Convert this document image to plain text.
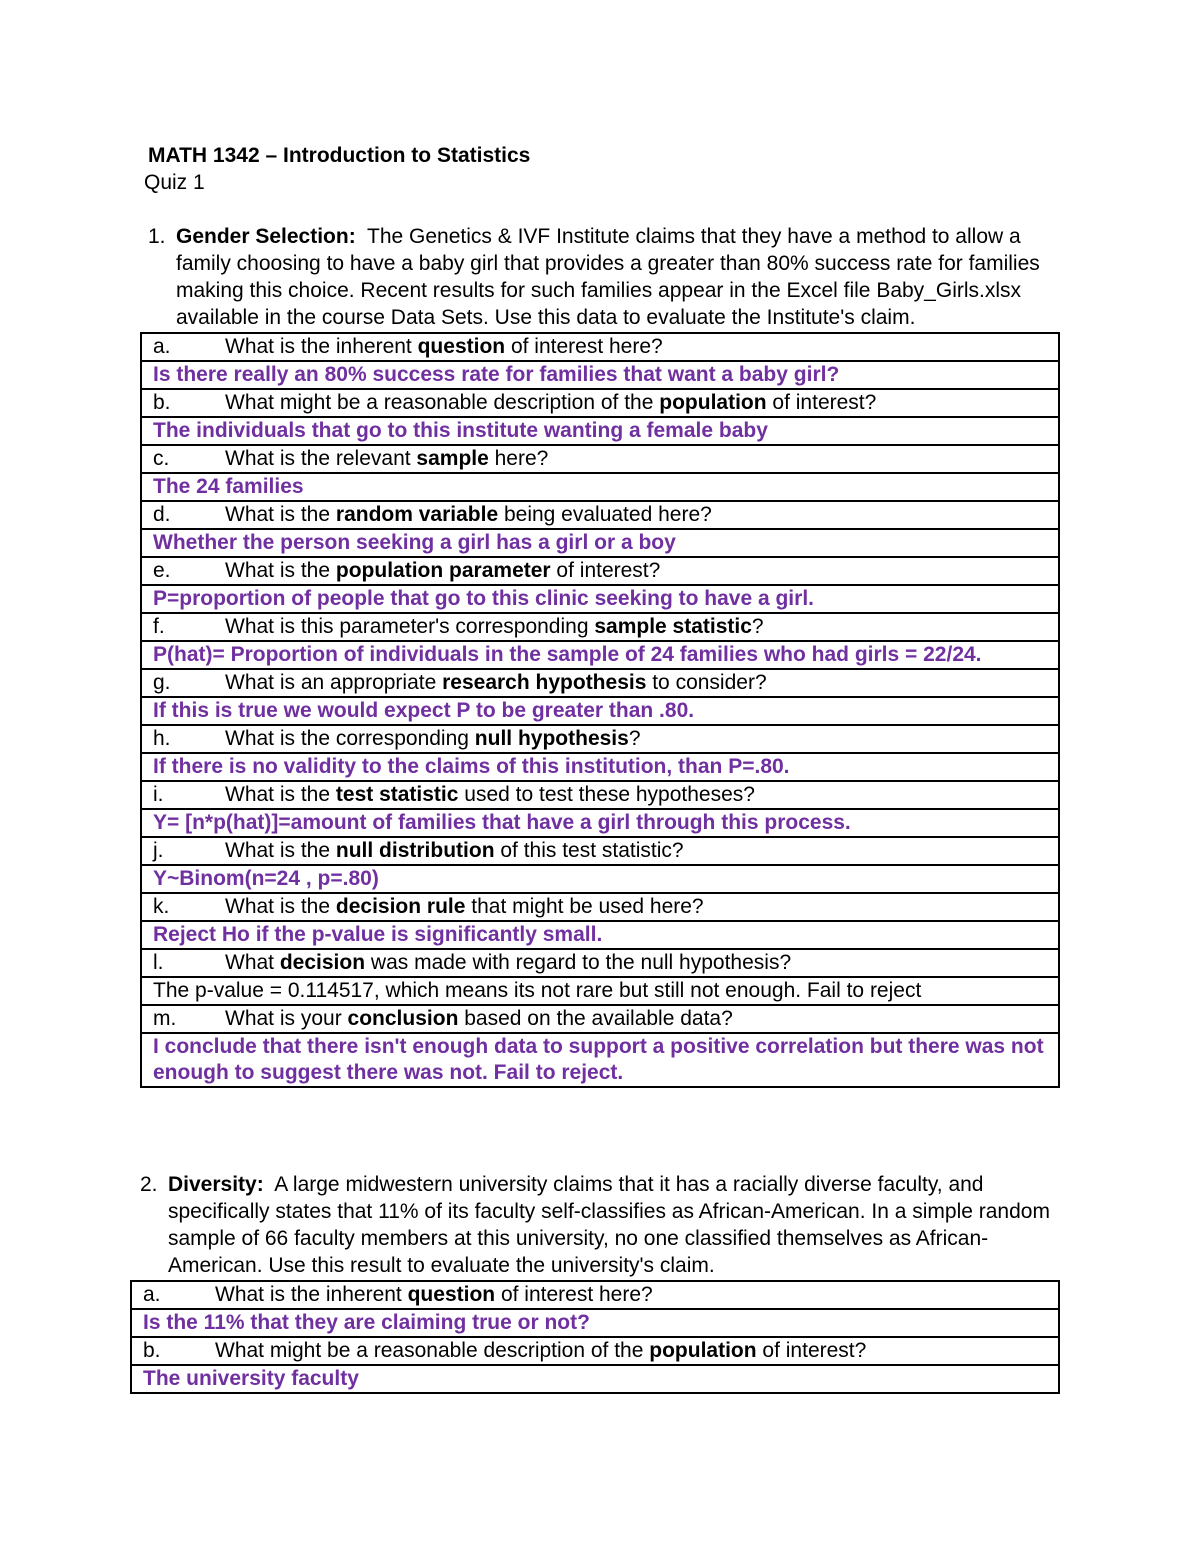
MATH 1342 – Introduction to Statistics
Quiz 1
1. Gender Selection: The Genetics & IVF Institute claims that they have a method to allow a family choosing to have a baby girl that provides a greater than 80% success rate for families making this choice. Recent results for such families appear in the Excel file Baby_Girls.xlsx available in the course Data Sets. Use this data to evaluate the Institute's claim.
a.	What is the inherent question of interest here?
Is there really an 80% success rate for families that want a baby girl?
b.	What might be a reasonable description of the population of interest?
The individuals that go to this institute wanting a female baby
c.	What is the relevant sample here?
The 24 families
d.	What is the random variable being evaluated here?
Whether the person seeking a girl has a girl or a boy
e.	What is the population parameter of interest?
P=proportion of people that go to this clinic seeking to have a girl.
f.	What is this parameter's corresponding sample statistic?
P(hat)= Proportion of individuals in the sample of 24 families who had girls = 22/24.
g.	What is an appropriate research hypothesis to consider?
If this is true we would expect P to be greater than .80.
h.	What is the corresponding null hypothesis?
If there is no validity to the claims of this institution, than P=.80.
i.	What is the test statistic used to test these hypotheses?
Y= [n*p(hat)]=amount of families that have a girl through this process.
j.	What is the null distribution of this test statistic?
Y~Binom(n=24 , p=.80)
k.	What is the decision rule that might be used here?
Reject Ho if the p-value is significantly small.
l.	What decision was made with regard to the null hypothesis?
The p-value = 0.114517, which means its not rare but still not enough. Fail to reject
m. What is your conclusion based on the available data?
I conclude that there isn't enough data to support a positive correlation but there was not enough to suggest there was not. Fail to reject.
2. Diversity: A large midwestern university claims that it has a racially diverse faculty, and specifically states that 11% of its faculty self-classifies as African-American. In a simple random sample of 66 faculty members at this university, no one classified themselves as African-American. Use this result to evaluate the university's claim.
a.	What is the inherent question of interest here?
Is the 11% that they are claiming true or not?
b.	What might be a reasonable description of the population of interest?
The university faculty
